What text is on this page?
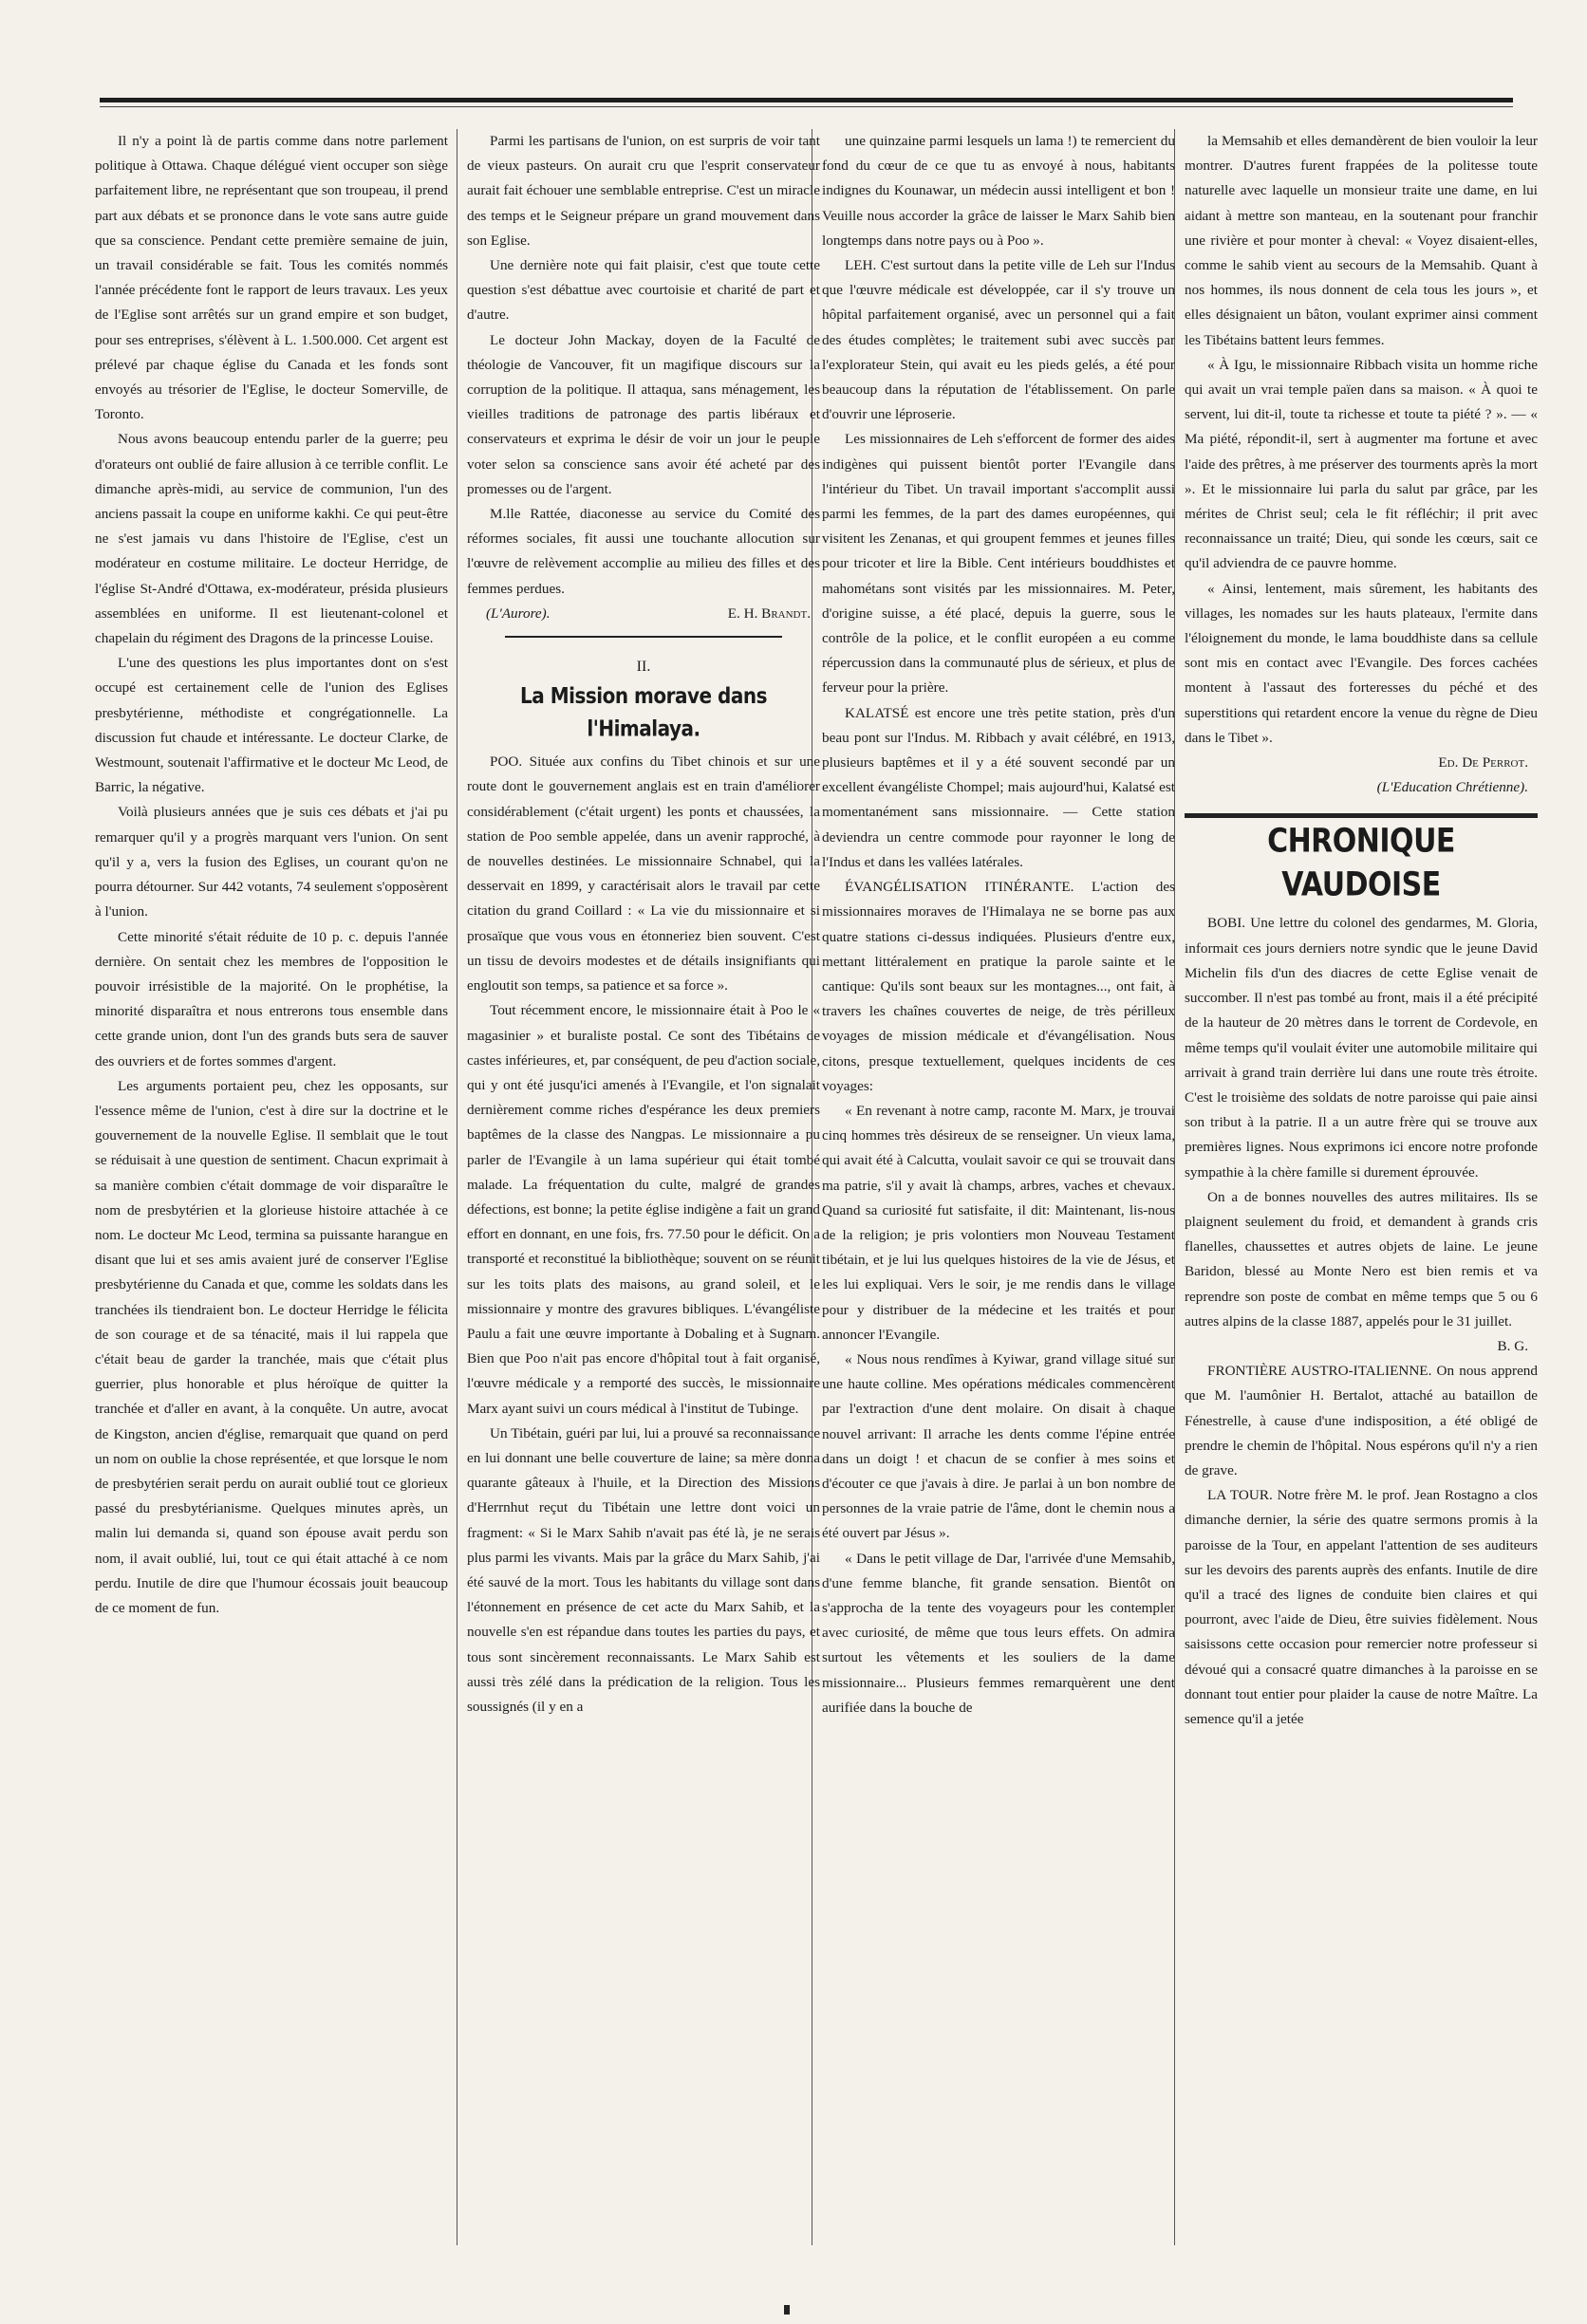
Il n'y a point là de partis comme dans notre parlement politique à Ottawa. Chaque délégué vient occuper son siège parfaitement libre, ne représentant que son troupeau, il prend part aux débats et se prononce dans le vote sans autre guide que sa conscience. Pendant cette première semaine de juin, un travail considérable se fait. Tous les comités nommés l'année précédente font le rapport de leurs travaux. Les yeux de l'Eglise sont arrêtés sur un grand empire et son budget, pour ses entreprises, s'élèvent à L. 1.500.000. Cet argent est prélevé par chaque église du Canada et les fonds sont envoyés au trésorier de l'Eglise, le docteur Somerville, de Toronto.

Nous avons beaucoup entendu parler de la guerre; peu d'orateurs ont oublié de faire allusion à ce terrible conflit. Le dimanche après-midi, au service de communion, l'un des anciens passait la coupe en uniforme kakhi. Ce qui peut-être ne s'est jamais vu dans l'histoire de l'Eglise, c'est un modérateur en costume militaire. Le docteur Herridge, de l'église St-André d'Ottawa, ex-modérateur, présida plusieurs assemblées en uniforme. Il est lieutenant-colonel et chapelain du régiment des Dragons de la princesse Louise.

L'une des questions les plus importantes dont on s'est occupé est certainement celle de l'union des Eglises presbytérienne, méthodiste et congrégationnelle. La discussion fut chaude et intéressante. Le docteur Clarke, de Westmount, soutenait l'affirmative et le docteur Mc Leod, de Barric, la négative.

Voilà plusieurs années que je suis ces débats et j'ai pu remarquer qu'il y a progrès marquant vers l'union. On sent qu'il y a, vers la fusion des Eglises, un courant qu'on ne pourra détourner. Sur 442 votants, 74 seulement s'opposèrent à l'union.

Cette minorité s'était réduite de 10 p. c. depuis l'année dernière. On sentait chez les membres de l'opposition le pouvoir irrésistible de la majorité. On le prophétise, la minorité disparaîtra et nous entrerons tous ensemble dans cette grande union, dont l'un des grands buts sera de sauver des ouvriers et de fortes sommes d'argent.

Les arguments portaient peu, chez les opposants, sur l'essence même de l'union, c'est à dire sur la doctrine et le gouvernement de la nouvelle Eglise. Il semblait que le tout se réduisait à une question de sentiment. Chacun exprimait à sa manière combien c'était dommage de voir disparaître le nom de presbytérien et la glorieuse histoire attachée à ce nom. Le docteur Mc Leod, termina sa puissante harangue en disant que lui et ses amis avaient juré de conserver l'Eglise presbytérienne du Canada et que, comme les soldats dans les tranchées ils tiendraient bon. Le docteur Herridge le félicita de son courage et de sa ténacité, mais il lui rappela que c'était beau de garder la tranchée, mais que c'était plus guerrier, plus honorable et plus héroïque de quitter la tranchée et d'aller en avant, à la conquête. Un autre, avocat de Kingston, ancien d'église, remarquait que quand on perd un nom on oublie la chose représentée, et que lorsque le nom de presbytérien serait perdu on aurait oublié tout ce glorieux passé du presbytérianisme. Quelques minutes après, un malin lui demanda si, quand son épouse avait perdu son nom, il avait oublié, lui, tout ce qui était attaché à ce nom perdu. Inutile de dire que l'humour écossais jouit beaucoup de ce moment de fun.

Parmi les partisans de l'union, on est surpris de voir tant de vieux pasteurs. On aurait cru que l'esprit conservateur aurait fait échouer une semblable entreprise. C'est un miracle des temps et le Seigneur prépare un grand mouvement dans son Eglise.

Une dernière note qui fait plaisir, c'est que toute cette question s'est débattue avec courtoisie et charité de part et d'autre.

Le docteur John Mackay, doyen de la Faculté de théologie de Vancouver, fit un magifique discours sur la corruption de la politique. Il attaqua, sans ménagement, les vieilles traditions de patronage des partis libéraux et conservateurs et exprima le désir de voir un jour le peuple voter selon sa conscience sans avoir été acheté par des promesses ou de l'argent.

M.lle Rattée, diaconesse au service du Comité des réformes sociales, fit aussi une touchante allocution sur l'œuvre de relèvement accomplie au milieu des filles et des femmes perdues.

(L'Aurore).	E. H. Brandt.
II.
La Mission morave dans l'Himalaya.

POO. Située aux confins du Tibet chinois et sur une route dont le gouvernement anglais est en train d'améliorer considérablement (c'était urgent) les ponts et chaussées, la station de Poo semble appelée, dans un avenir rapproché, à de nouvelles destinées. Le missionnaire Schnabel, qui la desservait en 1899, y caractérisait alors le travail par cette citation du grand Coillard : « La vie du missionnaire et si prosaïque que vous vous en étonneriez bien souvent. C'est un tissu de devoirs modestes et de détails insignifiants qui engloutit son temps, sa patience et sa force ».

Tout récemment encore, le missionnaire était à Poo le « magasinier » et buraliste postal. Ce sont des Tibétains de castes inférieures, et, par conséquent, de peu d'action sociale, qui y ont été jusqu'ici amenés à l'Evangile, et l'on signalait dernièrement comme riches d'espérance les deux premiers baptêmes de la classe des Nangpas. Le missionnaire a pu parler de l'Evangile à un lama supérieur qui était tombé malade. La fréquentation du culte, malgré de grandes défections, est bonne; la petite église indigène a fait un grand effort en donnant, en une fois, frs. 77.50 pour le déficit. On a transporté et reconstitué la bibliothèque; souvent on se réunit sur les toits plats des maisons, au grand soleil, et le missionnaire y montre des gravures bibliques. L'évangéliste Paulu a fait une œuvre importante à Dobaling et à Sugnam. Bien que Poo n'ait pas encore d'hôpital tout à fait organisé, l'œuvre médicale y a remporté des succès, le missionnaire Marx ayant suivi un cours médical à l'institut de Tubinge.

Un Tibétain, guéri par lui, lui a prouvé sa reconnaissance en lui donnant une belle couverture de laine; sa mère donna quarante gâteaux à l'huile, et la Direction des Missions d'Herrnhut reçut du Tibétain une lettre dont voici un fragment: « Si le Marx Sahib n'avait pas été là, je ne serais plus parmi les vivants. Mais par la grâce du Marx Sahib, j'ai été sauvé de la mort. Tous les habitants du village sont dans l'étonnement en présence de cet acte du Marx Sahib, et la nouvelle s'en est répandue dans toutes les parties du pays, et tous sont sincèrement reconnaissants. Le Marx Sahib est aussi très zélé dans la prédication de la religion. Tous les soussignés (il y en a

une quinzaine parmi lesquels un lama !) te remercient du fond du cœur de ce que tu as envoyé à nous, habitants indignes du Kounawar, un médecin aussi intelligent et bon ! Veuille nous accorder la grâce de laisser le Marx Sahib bien longtemps dans notre pays ou à Poo ».

LEH. C'est surtout dans la petite ville de Leh sur l'Indus que l'œuvre médicale est développée, car il s'y trouve un hôpital parfaitement organisé, avec un personnel qui a fait des études complètes; le traitement subi avec succès par l'explorateur Stein, qui avait eu les pieds gelés, a été pour beaucoup dans la réputation de l'établissement. On parle d'ouvrir une léproserie.

Les missionnaires de Leh s'efforcent de former des aides indigènes qui puissent bientôt porter l'Evangile dans l'intérieur du Tibet. Un travail important s'accomplit aussi parmi les femmes, de la part des dames européennes, qui visitent les Zenanas, et qui groupent femmes et jeunes filles pour tricoter et lire la Bible. Cent intérieurs bouddhistes et mahométans sont visités par les missionnaires. M. Peter, d'origine suisse, a été placé, depuis la guerre, sous le contrôle de la police, et le conflit européen a eu comme répercussion dans la communauté plus de sérieux, et plus de ferveur pour la prière.

KALATSÉ est encore une très petite station, près d'un beau pont sur l'Indus. M. Ribbach y avait célébré, en 1913, plusieurs baptêmes et il y a été souvent secondé par un excellent évangéliste Chompel; mais aujourd'hui, Kalatsé est momentanément sans missionnaire. — Cette station deviendra un centre commode pour rayonner le long de l'Indus et dans les vallées latérales.

ÉVANGÉLISATION ITINÉRANTE. L'action des missionnaires moraves de l'Himalaya ne se borne pas aux quatre stations ci-dessus indiquées. Plusieurs d'entre eux, mettant littéralement en pratique la parole sainte et le cantique: Qu'ils sont beaux sur les montagnes..., ont fait, à travers les chaînes couvertes de neige, de très périlleux voyages de mission médicale et d'évangélisation. Nous citons, presque textuellement, quelques incidents de ces voyages:

« En revenant à notre camp, raconte M. Marx, je trouvai cinq hommes très désireux de se renseigner. Un vieux lama, qui avait été à Calcutta, voulait savoir ce qui se trouvait dans ma patrie, s'il y avait là champs, arbres, vaches et chevaux. Quand sa curiosité fut satisfaite, il dit: Maintenant, lis-nous de la religion; je pris volontiers mon Nouveau Testament tibétain, et je lui lus quelques histoires de la vie de Jésus, et les lui expliquai. Vers le soir, je me rendis dans le village pour y distribuer de la médecine et les traités et pour annoncer l'Evangile.

« Nous nous rendîmes à Kyiwar, grand village situé sur une haute colline. Mes opérations médicales commencèrent par l'extraction d'une dent molaire. On disait à chaque nouvel arrivant: Il arrache les dents comme l'épine entrée dans un doigt ! et chacun de se confier à mes soins et d'écouter ce que j'avais à dire. Je parlai à un bon nombre de personnes de la vraie patrie de l'âme, dont le chemin nous a été ouvert par Jésus ».

« Dans le petit village de Dar, l'arrivée d'une Memsahib, d'une femme blanche, fit grande sensation. Bientôt on s'approcha de la tente des voyageurs pour les contempler avec curiosité, de même que tous leurs effets. On admira surtout les vêtements et les souliers de la dame missionnaire... Plusieurs femmes remarquèrent une dent aurifiée dans la bouche de

la Memsahib et elles demandèrent de bien vouloir la leur montrer. D'autres furent frappées de la politesse toute naturelle avec laquelle un monsieur traite une dame, en lui aidant à mettre son manteau, en la soutenant pour franchir une rivière et pour monter à cheval: « Voyez disaient-elles, comme le sahib vient au secours de la Memsahib. Quant à nos hommes, ils nous donnent de cela tous les jours », et elles désignaient un bâton, voulant exprimer ainsi comment les Tibétains battent leurs femmes.

« À Igu, le missionnaire Ribbach visita un homme riche qui avait un vrai temple païen dans sa maison. « À quoi te servent, lui dit-il, toute ta richesse et toute ta piété ? ». — « Ma piété, répondit-il, sert à augmenter ma fortune et avec l'aide des prêtres, à me préserver des tourments après la mort ». Et le missionnaire lui parla du salut par grâce, par les mérites de Christ seul; cela le fit réfléchir; il prit avec reconnaissance un traité; Dieu, qui sonde les cœurs, sait ce qu'il adviendra de ce pauvre homme.

« Ainsi, lentement, mais sûrement, les habitants des villages, les nomades sur les hauts plateaux, l'ermite dans l'éloignement du monde, le lama bouddhiste dans sa cellule sont mis en contact avec l'Evangile. Des forces cachées montent à l'assaut des forteresses du péché et des superstitions qui retardent encore la venue du règne de Dieu dans le Tibet ».

Ed. De Perrot.
(L'Education Chrétienne).
CHRONIQUE VAUDOISE

BOBI. Une lettre du colonel des gendarmes, M. Gloria, informait ces jours derniers notre syndic que le jeune David Michelin fils d'un des diacres de cette Eglise venait de succomber. Il n'est pas tombé au front, mais il a été précipité de la hauteur de 20 mètres dans le torrent de Cordevole, en même temps qu'il voulait éviter une automobile militaire qui arrivait à grand train derrière lui dans une route très étroite. C'est le troisième des soldats de notre paroisse qui paie ainsi son tribut à la patrie. Il a un autre frère qui se trouve aux premières lignes. Nous exprimons ici encore notre profonde sympathie à la chère famille si durement éprouvée.

On a de bonnes nouvelles des autres militaires. Ils se plaignent seulement du froid, et demandent à grands cris flanelles, chaussettes et autres objets de laine. Le jeune Baridon, blessé au Monte Nero est bien remis et va reprendre son poste de combat en même temps que 5 ou 6 autres alpins de la classe 1887, appelés pour le 31 juillet.

B. G.

FRONTIÈRE AUSTRO-ITALIENNE. On nous apprend que M. l'aumônier H. Bertalot, attaché au bataillon de Fénestrelle, à cause d'une indisposition, a été obligé de prendre le chemin de l'hôpital. Nous espérons qu'il n'y a rien de grave.

LA TOUR. Notre frère M. le prof. Jean Rostagno a clos dimanche dernier, la série des quatre sermons promis à la paroisse de la Tour, en appelant l'attention de ses auditeurs sur les devoirs des parents auprès des enfants. Inutile de dire qu'il a tracé des lignes de conduite bien claires et qui pourront, avec l'aide de Dieu, être suivies fidèlement. Nous saisissons cette occasion pour remercier notre professeur si dévoué qui a consacré quatre dimanches à la paroisse en se donnant tout entier pour plaider la cause de notre Maître. La semence qu'il a jetée
